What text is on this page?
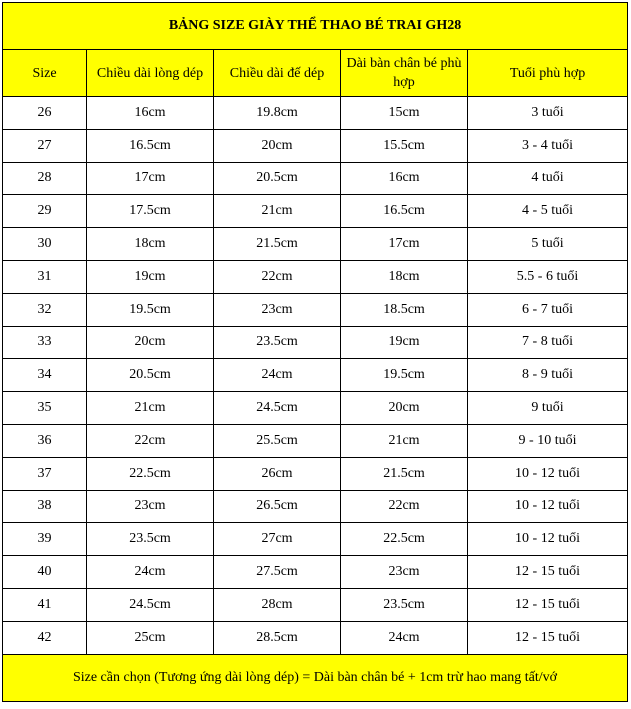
BẢNG SIZE GIÀY THỂ THAO BÉ TRAI GH28				
Size	Chiều dài lòng dép	Chiều dài đế dép	Dài bàn chân bé phù hợp	Tuổi phù hợp
26	16cm	19.8cm	15cm	3 tuổi
27	16.5cm	20cm	15.5cm	3 - 4 tuổi
28	17cm	20.5cm	16cm	4 tuổi
29	17.5cm	21cm	16.5cm	4 - 5 tuổi
30	18cm	21.5cm	17cm	5 tuổi
31	19cm	22cm	18cm	5.5 - 6 tuổi
32	19.5cm	23cm	18.5cm	6 - 7 tuổi
33	20cm	23.5cm	19cm	7 - 8 tuổi
34	20.5cm	24cm	19.5cm	8 - 9 tuổi
35	21cm	24.5cm	20cm	9 tuổi
36	22cm	25.5cm	21cm	9 - 10 tuổi
37	22.5cm	26cm	21.5cm	10 - 12 tuổi
38	23cm	26.5cm	22cm	10 - 12 tuổi
39	23.5cm	27cm	22.5cm	10 - 12 tuổi
40	24cm	27.5cm	23cm	12 - 15 tuổi
41	24.5cm	28cm	23.5cm	12 - 15 tuổi
42	25cm	28.5cm	24cm	12 - 15 tuổi
Size cần chọn (Tương ứng dài lòng dép) = Dài bàn chân bé + 1cm trừ hao mang tất/vớ				
